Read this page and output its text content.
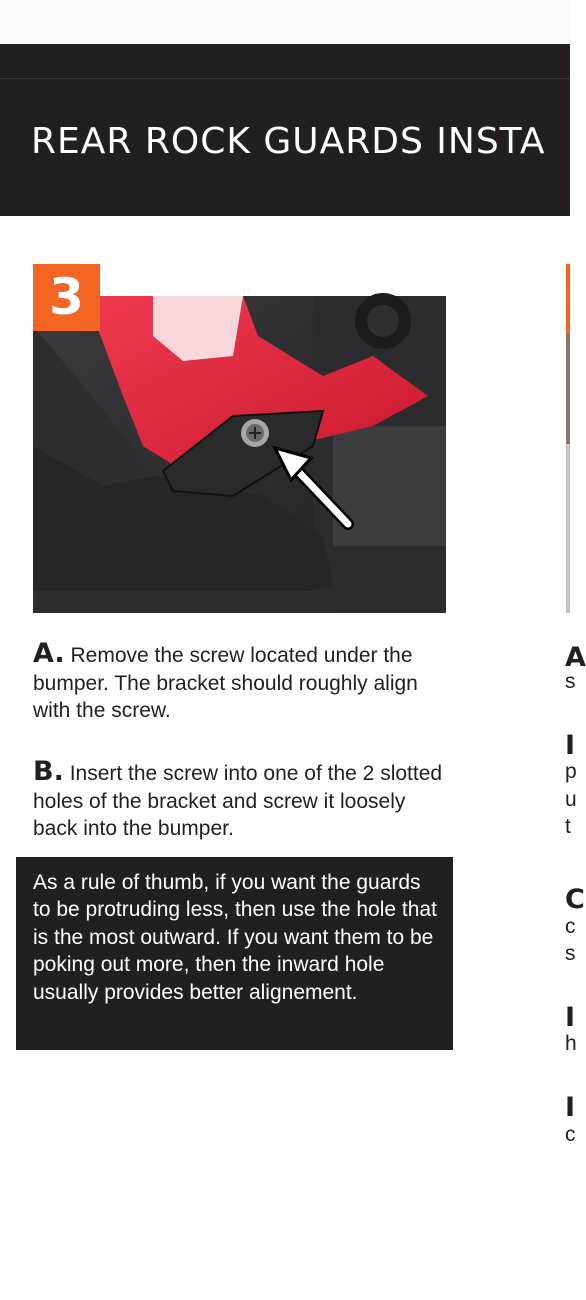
REAR ROCK GUARDS INSTA
3

A. Remove the screw located under the bumper. The bracket should roughly align with the screw.

B. Insert the screw into one of the 2 slotted holes of the bracket and screw it loosely back into the bumper.

As a rule of thumb, if you want the guards to be protruding less, then use the hole that is the most outward. If you want them to be poking out more, then the inward hole usually provides better alignement.
A
s
I
p
u
t
C
c
s
I
h
I
c
